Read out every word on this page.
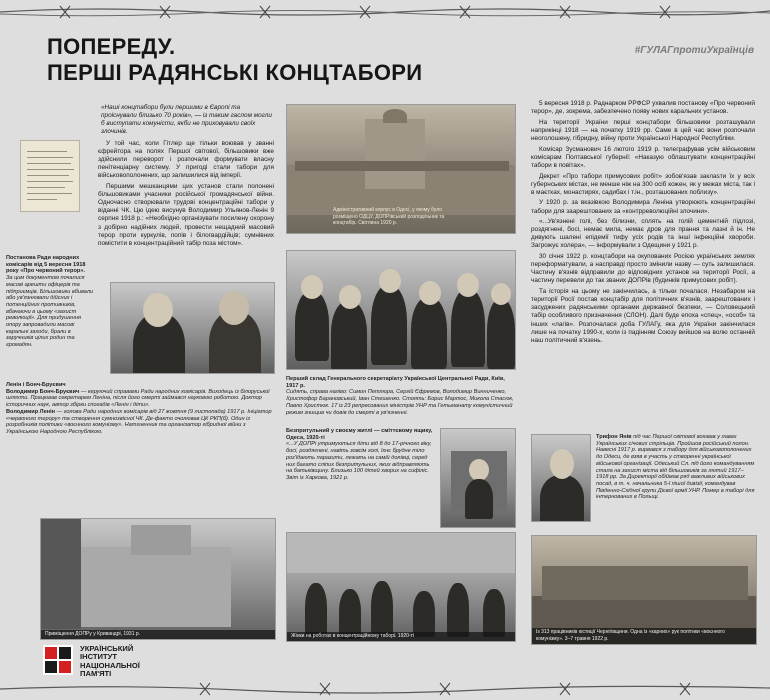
ПОПЕРЕДУ.
ПЕРШІ РАДЯНСЬКІ КОНЦТАБОРИ
#ГУЛАГпротиУкраїнців
«Наші концтабори були першими в Європі та проіснували близько 70 років», — із таким гаслом могли б виступати комуністи, якби не приховували своїх злочинів.
Постанова Ради народних комісарів від 5 вересня 1918 року «Про червоний терор».
За цим документом почалися масові арешти офіцерів та підприємців. Більшовики вбивали або ув'язнювали дійсних і потенційних противників, вбачаючи в цьому «захист революції». Для придушення опору запровадили масові каральні заходи, брали в заручників цілих родин та громадян.

У той час, коли Гітлер ще тільки воював у званні єфрейтора на полях Першої світової, більшовики вже здійснили переворот і розпочали формувати власну пенітенціарну систему. У пригоді стали табори для військовополонених, що залишилися від імперії.

Першими мешканцями цих установ стали полонені більшовиками учасники російської громадянської війни. Одночасно створювали трудові концентраційні табори у віданні ЧК. Цю ідею висунув Володимир Ульянов-Ленін 9 серпня 1918 р.: «Необхідно організувати посилену охорону з добірно надійних людей, провести нещадний масовий терор проти куркулів, попів і білогвардійців; сумнівних помістити в концентраційний табір поза містом».

Ленін і Бонч-Бруєвич
Володимир Бонч-Бруєвич — керуючий справами Ради народних комісарів. Виходець із білоруської шляхти. Працював секретарем Леніна, після його смерті займався науковою роботою. Доктор історичних наук, автор збірки спогадів «Ленін і діти».
Володимир Ленін — голова Ради народних комісарів від 27 жовтня (9 листопада) 1917 р. Ініціатор «червоного терору» та створення сумнозвісної ЧК. Де-факто очолював ЦК РКП(б). Один із розробників політики «воєнного комунізму». Натхненник та організатор гібридної війни з Українською Народною Республікою.
Приміщення ДОПРу у Кривандрі, 1931 р.
Адміністративний корпус в Одесі, у якому було розміщено ОДЦУ, ДОПРівський розподільник та концтабір. Світлина 1920 р.
Перший склад Генерального секретаріату Української Центральної Ради, Київ, 1917 р.
Сидять, справа наліво: Симон Петлюра, Сергій Єфремов, Володимир Винниченко, Христофор Барановський, Іван Стешенко. Стоять: Борис Мартос, Микола Стасюк, Павло Христюк. 17 із 23 репресованих міністрів УНР та Гетьманату комуністичний режим знищив чи довів до смерті в ув'язненні.
Безпритульний у своєму житлі — сміттєвому ящику, Одеса, 1920-ті
«...У ДОПРі утримуються діти від 8 до 17-річного віку, босі, роздягнені, навіть зовсім голі, їхнє брудне тіло роз'їдають паразити, лежать на самій долівці, серед них багато сліпих безпритульних, яких відправляють на батьківщину. Близько 100 дітей хворих на сифіліс. Звіт із Харкова, 1921 р.
Жінки на роботах в концентраційному таборі. 1920-ті

5 вересня 1918 р. Раднарком РРФСР ухвалив постанову «Про червоний терор», де, зокрема, забезпечено появу нових каральних установ.

На території України перші концтабори більшовики розташували наприкінці 1918 — на початку 1919 рр. Саме в цей час вони розпочали неоголошену, гібридну, війну проти Української Народної Республіки.

Комісар Зусманович 16 лютого 1919 р. телеграфував усім військовим комісарам Полтавської губернії: «Наказую облаштувати концентраційні табори в повітах».

Декрет «Про табори примусових робіт» зобов'язав заклasти їх у всіх губернських містах, не менше ніж на 300 осіб кожен, як у межах міста, так і в маєтках, монастирях, садибах і т.ін., розташованих поблизу».

У 1920 р. за вказівкою Володимира Леніна утворюють концентраційні табори для заарештованих за «контрреволюційні злочини».

«...Ув'язнені голі, без білизни, сплять на голій цементній підлозі, роздягнені, босі, немає мила, немає дров для прання та лазні й ін. Не дивують шалені епідемії тифу усіх родів та інші інфекційні хвороби. Загрожує холера», — інформували з Одещини у 1921 р.

30 січня 1922 р. концтабори на окупованих Росією українських землях переформатували, а насправді просто змінили назву — суть залишилася. Частину в'язнів відправили до відповідних установ на території Росії, а частину перевели до так званих ДОПРів (будинків примусових робіт).

Та історія на цьому не закінчилась, а тільки почалася. Незабаром на території Росії постав концтабір для політичних в'язнів, заарештованих і засуджених радянськими органами державної безпеки, — Соловецький табір особливого призначення (СЛОН). Далі буде епоха «спец», «особ» та інших «лагів». Розпочалася доба ГУЛАГу, яка для України закінчилася лише на початку 1990-х, коли із падінням Союзу вийшов на волю останній наш політичний в'язень.

Трифон Янів під час Першої світової воював у лавах Українських січових стрільців. Пройшов російський полон. Навесні 1917 р. вирвався з табору для військовополонених до Одеси, де взяв в участь у створенні української військової організації. Одеський Сл. під його командуванням стала на захист міста від більшовиків за лютий 1917–1918 рр. За Директорії обіймав ряд важливих військових посад, в т. ч. начальника 5-ї пішої дивізії, командував Південно-Східної групи Дієвої армії УНР. Помер в таборі для інтернованих в Польщі.
Із 313 працівників юстиції Чернігівщини. Одна із «карних» рук політики «воєнного комунізму». 3–7 травня 1922 р.
УКРАЇНСЬКИЙ
ІНСТИТУТ
НАЦІОНАЛЬНОЇ
ПАМ'ЯТІ
